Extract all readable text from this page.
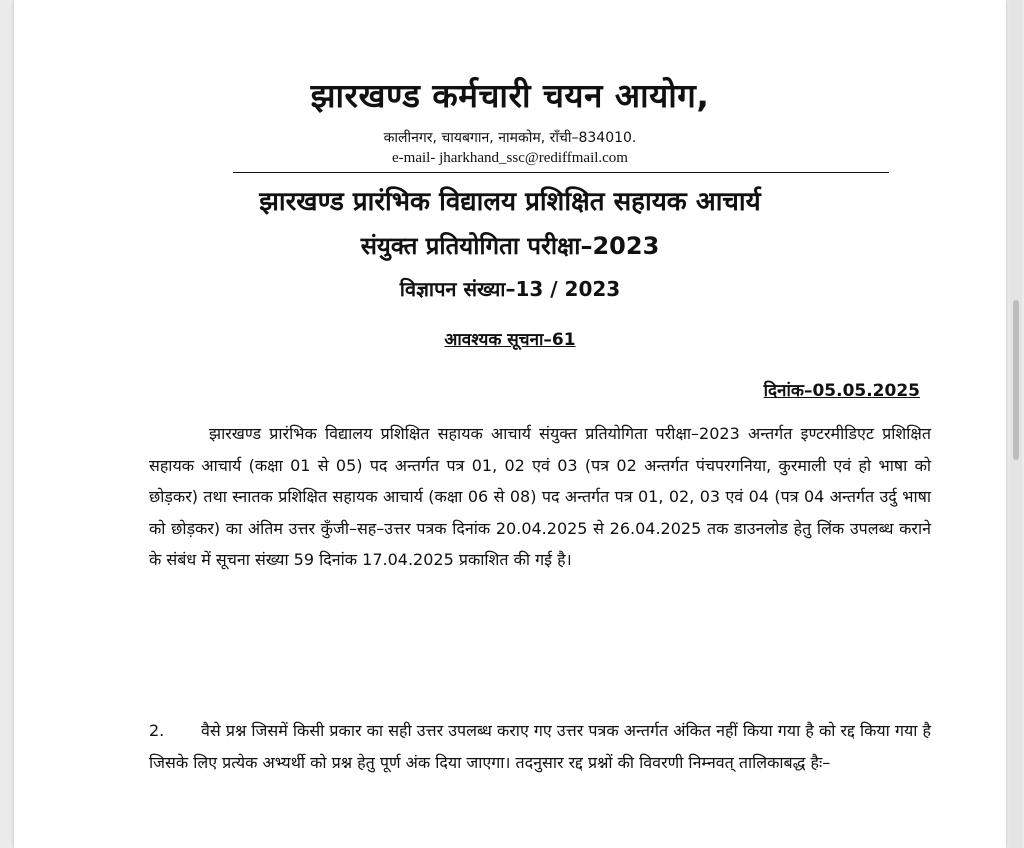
झारखण्ड कर्मचारी चयन आयोग,
कालीनगर, चायबगान, नामकोम, राँची–834010.
e-mail- jharkhand_ssc@rediffmail.com
झारखण्ड प्रारंभिक विद्यालय प्रशिक्षित सहायक आचार्य
संयुक्त प्रतियोगिता परीक्षा–2023
विज्ञापन संख्या–13 / 2023
आवश्यक सूचना–61
दिनांक–05.05.2025

झारखण्ड प्रारंभिक विद्यालय प्रशिक्षित सहायक आचार्य संयुक्त प्रतियोगिता परीक्षा–2023 अन्तर्गत इण्टरमीडिएट प्रशिक्षित सहायक आचार्य (कक्षा 01 से 05) पद अन्तर्गत पत्र 01, 02 एवं 03 (पत्र 02 अन्तर्गत पंचपरगनिया, कुरमाली एवं हो भाषा को छोड़कर) तथा स्नातक प्रशिक्षित सहायक आचार्य (कक्षा 06 से 08) पद अन्तर्गत पत्र 01, 02, 03 एवं 04 (पत्र 04 अन्तर्गत उर्दु भाषा को छोड़कर) का अंतिम उत्तर कुँजी–सह–उत्तर पत्रक दिनांक 20.04.2025 से 26.04.2025 तक डाउनलोड हेतु लिंक उपलब्ध कराने के संबंध में सूचना संख्या 59 दिनांक 17.04.2025 प्रकाशित की गई है।

2. वैसे प्रश्न जिसमें किसी प्रकार का सही उत्तर उपलब्ध कराए गए उत्तर पत्रक अन्तर्गत अंकित नहीं किया गया है को रद्द किया गया है जिसके लिए प्रत्येक अभ्यर्थी को प्रश्न हेतु पूर्ण अंक दिया जाएगा। तदनुसार रद्द प्रश्नों की विवरणी निम्नवत् तालिकाबद्ध हैः–
